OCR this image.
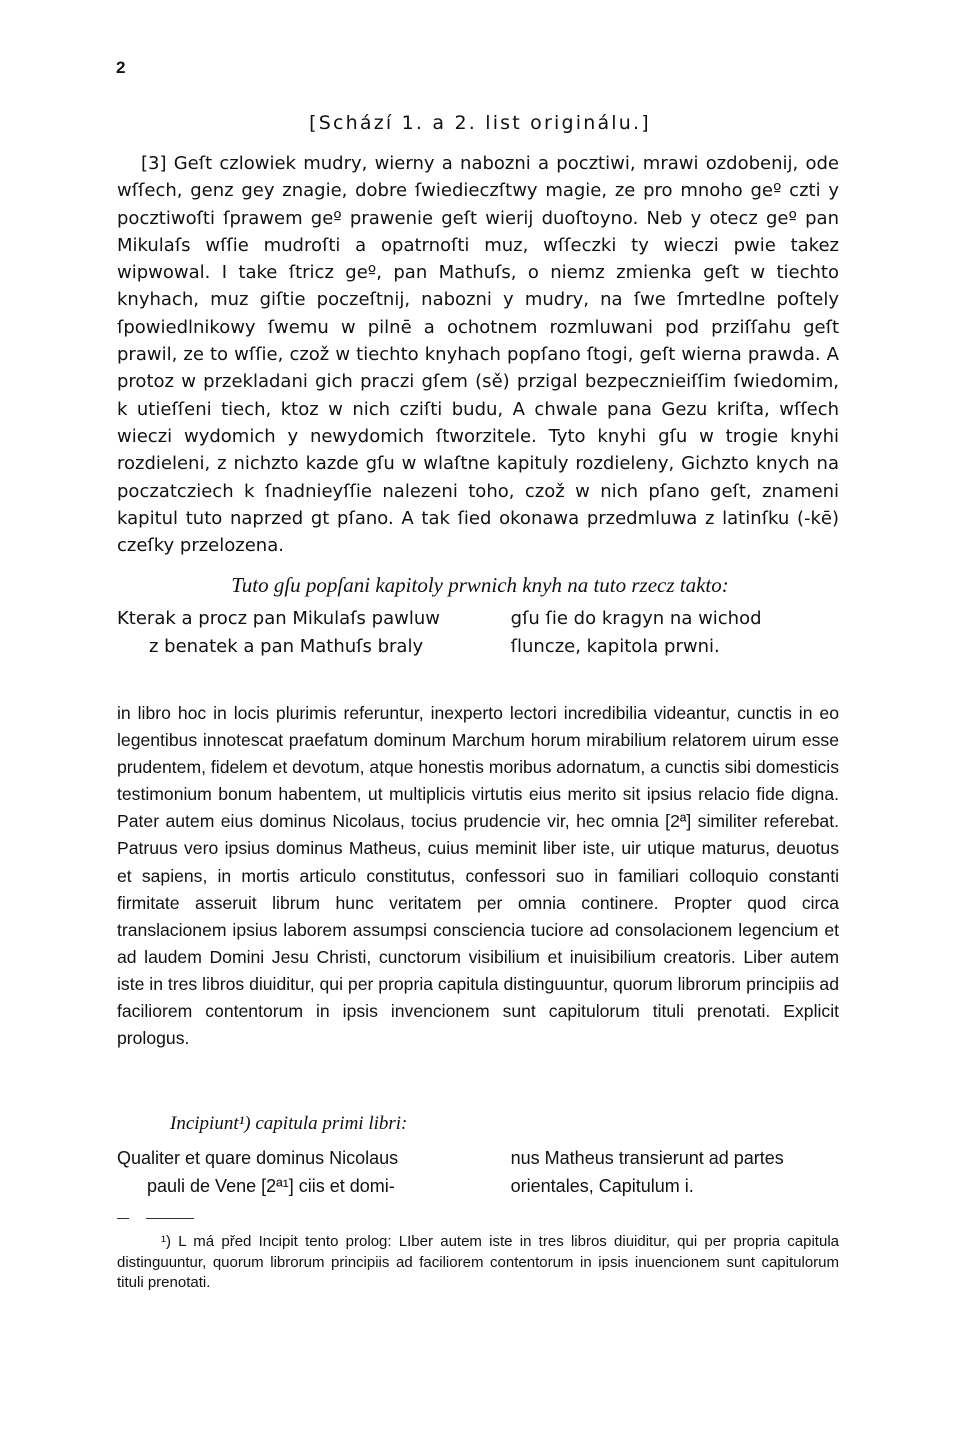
2
[Schází 1. a 2. list originálu.]

[3] Geſt czlowiek mudry, wierny a nabozni a pocztiwi, mrawi ozdobenij, ode wſſech, genz gey znagie, dobre ſwiedieczſtwy magie, ze pro mnoho geº czti y pocztiwoſti ſprawem geº prawenie geſt wierij duoſtoyno. Neb y otecz geº pan Mikulaſs wſſie mudroſti a opatrnoſti muz, wſſeczki ty wieczi pwie takez wipwowal. I take ſtricz geº, pan Mathuſs, o niemz zmienka geſt w tiechto knyhach, muz giſtie poczeſtnij, nabozni y mudry, na ſwe ſmrtedlne poſtely ſpowiedlnikowy ſwemu w pilnē a ochotnem rozmluwani pod prziſſahu geſt prawil, ze to wſſie, czož w tiechto knyhach popſano ſtogi, geſt wierna prawda. A protoz w przekladani gich praczi gſem (sě) przigal bezpecznieiſſim ſwiedomim, k utieſſeni tiech, ktoz w nich cziſti budu, A chwale pana Gezu kriſta, wſſech wieczi wydomich y newydomich ſtworzitele. Tyto knyhi gſu w trogie knyhi rozdieleni, z nichzto kazde gſu w wlaſtne kapituly rozdieleny, Gichzto knych na poczatcziech k ſnadnieyſſie nalezeni toho, czož w nich pſano geſt, znameni kapitul tuto naprzed gt pſano. A tak ſied okonawa przedmluwa z latinſku (-kē) czeſky przelozena.

Tuto gſu popſani kapitoly prwnich knyh na tuto rzecz takto:
Kterak a procz pan Mikulaſs pawluw
z benatek a pan Mathuſs braly
gſu ſie do kragyn na wichod
ſluncze, kapitola prwni.

in libro hoc in locis plurimis referuntur, inexperto lectori incredibilia videantur, cunctis in eo legentibus innotescat praefatum dominum Marchum horum mirabilium relatorem uirum esse prudentem, fidelem et devotum, atque honestis moribus adornatum, a cunctis sibi domesticis testimonium bonum habentem, ut multiplicis virtutis eius merito sit ipsius relacio fide digna. Pater autem eius dominus Nicolaus, tocius prudencie vir, hec omnia [2ª] similiter referebat. Patruus vero ipsius dominus Matheus, cuius meminit liber iste, uir utique maturus, deuotus et sapiens, in mortis articulo constitutus, confessori suo in familiari colloquio constanti firmitate asseruit librum hunc veritatem per omnia continere. Propter quod circa translacionem ipsius laborem assumpsi consciencia tuciore ad consolacionem legencium et ad laudem Domini Jesu Christi, cunctorum visibilium et inuisibilium creatoris. Liber autem iste in tres libros diuiditur, qui per propria capitula distinguuntur, quorum librorum principiis ad faciliorem contentorum in ipsis invencionem sunt capitulorum tituli prenotati. Explicit prologus.

Incipiunt¹) capitula primi libri:
Qualiter et quare dominus Nicolaus
pauli de Vene [2ª¹] ciis et domi-
nus Matheus transierunt ad partes
orientales, Capitulum i.

¹) L má před Incipit tento prolog: LIber autem iste in tres libros diuiditur, qui per propria capitula distinguuntur, quorum librorum principiis ad faciliorem contentorum in ipsis inuencionem sunt capitulorum tituli prenotati.
